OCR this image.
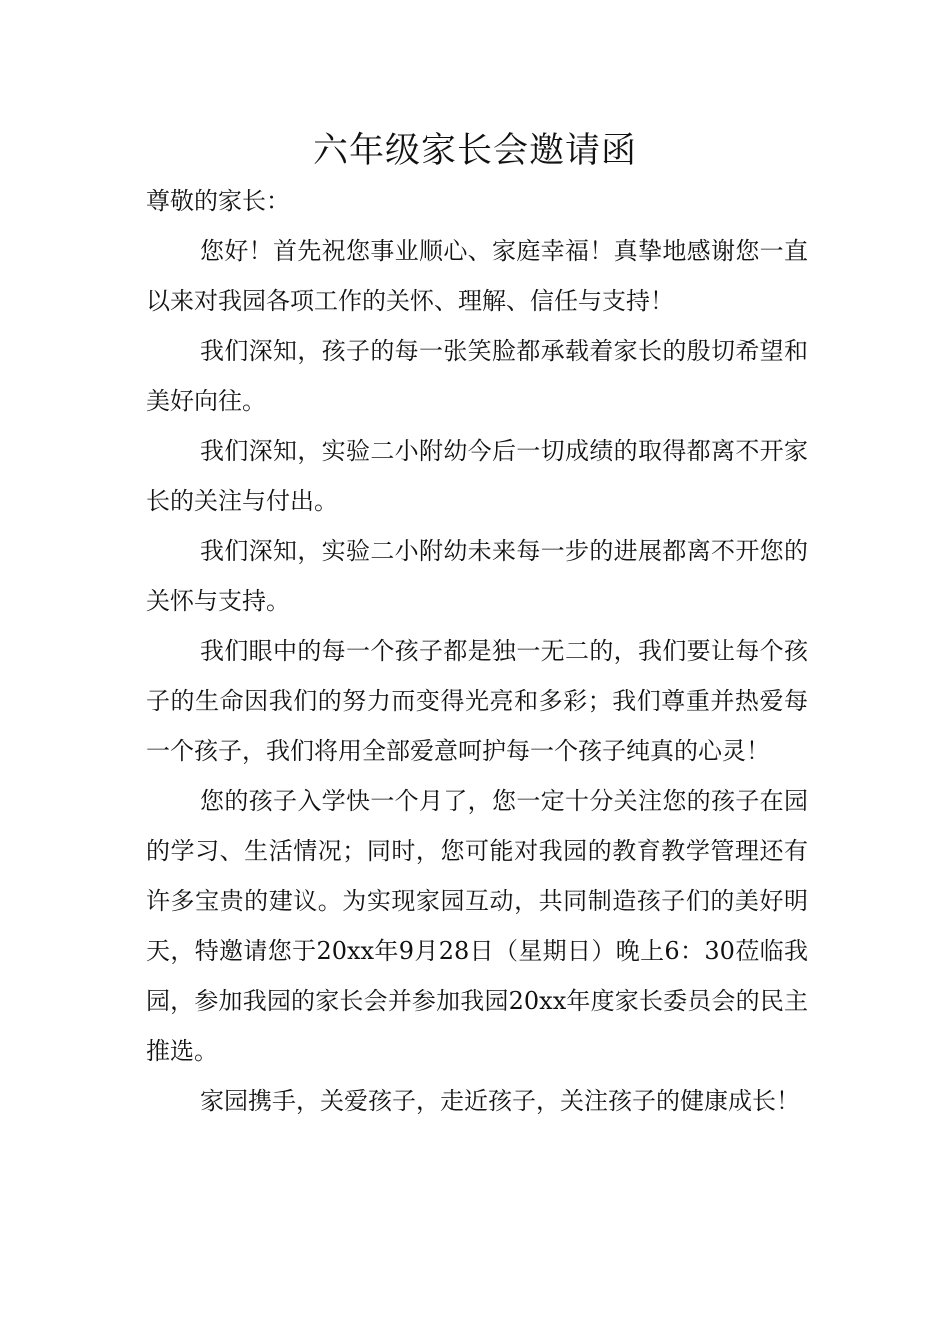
六年级家长会邀请函

尊敬的家长：

您好！首先祝您事业顺心、家庭幸福！真挚地感谢您一直以来对我园各项工作的关怀、理解、信任与支持！

我们深知，孩子的每一张笑脸都承载着家长的殷切希望和美好向往。

我们深知，实验二小附幼今后一切成绩的取得都离不开家长的关注与付出。

我们深知，实验二小附幼未来每一步的进展都离不开您的关怀与支持。

我们眼中的每一个孩子都是独一无二的，我们要让每个孩子的生命因我们的努力而变得光亮和多彩；我们尊重并热爱每一个孩子，我们将用全部爱意呵护每一个孩子纯真的心灵！

您的孩子入学快一个月了，您一定十分关注您的孩子在园的学习、生活情况；同时，您可能对我园的教育教学管理还有许多宝贵的建议。为实现家园互动，共同制造孩子们的美好明天，特邀请您于20xx年9月28日（星期日）晚上6：30莅临我园，参加我园的家长会并参加我园20xx年度家长委员会的民主推选。

家园携手，关爱孩子，走近孩子，关注孩子的健康成长！
